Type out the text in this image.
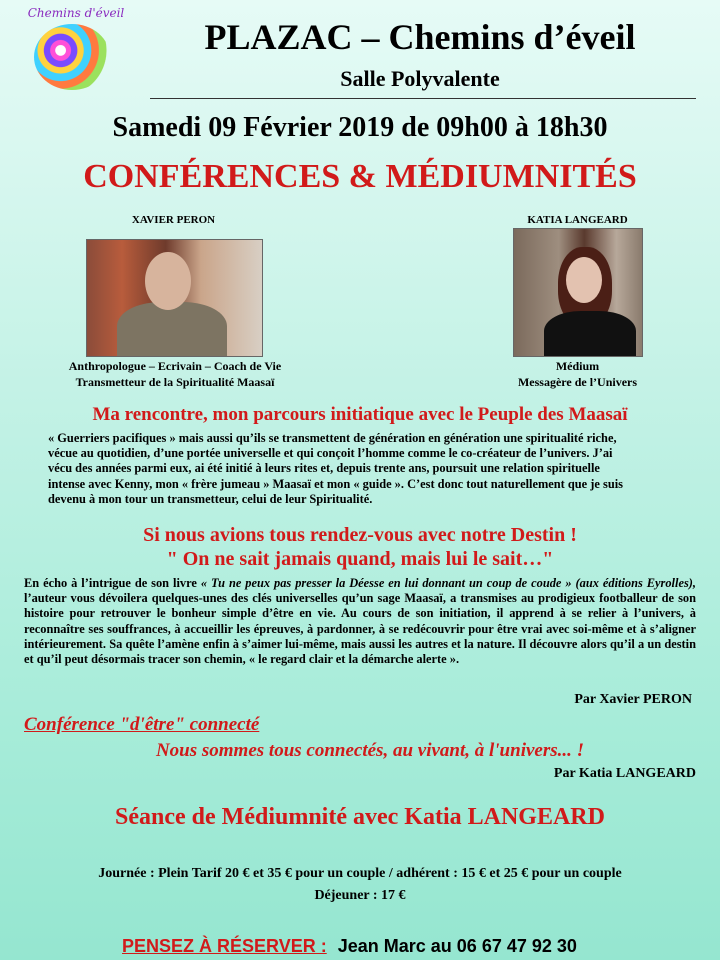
Chemins d'éveil
PLAZAC – Chemins d’éveil
Salle Polyvalente
Samedi 09 Février 2019 de 09h00 à 18h30
CONFÉRENCES & MÉDIUMNITÉS
XAVIER PERON
Anthropologue – Ecrivain – Coach de Vie
Transmetteur de la Spiritualité Maasaï
KATIA LANGEARD
Médium
Messagère de l’Univers
Ma rencontre, mon parcours initiatique avec le Peuple des Maasaï

« Guerriers pacifiques » mais aussi qu’ils se transmettent de génération en génération une spiritualité riche,

vécue au quotidien, d’une portée universelle et qui conçoit l’homme comme le co-créateur de l’univers. J’ai

vécu des années parmi eux, ai été initié à leurs rites et, depuis trente ans, poursuit une relation spirituelle

intense avec Kenny, mon « frère jumeau » Maasaï et mon « guide ». C’est donc tout naturellement que je suis

devenu à mon tour un transmetteur, celui de leur Spiritualité.

Si nous avions tous rendez-vous avec notre Destin !
" On ne sait jamais quand, mais lui le sait…"
En écho à l’intrigue de son livre « Tu ne peux pas presser la Déesse en lui donnant un coup de coude » (aux éditions Eyrolles), l’auteur vous dévoilera quelques-unes des clés universelles qu’un sage Maasaï, a transmises au prodigieux footballeur de son histoire pour retrouver le bonheur simple d’être en vie. Au cours de son initiation, il apprend à se relier à l’univers, à reconnaître ses souffrances, à accueillir les épreuves, à pardonner, à se redécouvrir pour être vrai avec soi-même et à s’aligner intérieurement. Sa quête l’amène enfin à s’aimer lui-même, mais aussi les autres et la nature. Il découvre alors qu’il a un destin et qu’il peut désormais tracer son chemin, « le regard clair et la démarche alerte ».
Par Xavier PERON
Conférence "d'être" connecté
Nous sommes tous connectés, au vivant, à l'univers... !
Par Katia LANGEARD
Séance de Médiumnité avec Katia LANGEARD
Journée : Plein Tarif 20 € et 35 € pour un couple / adhérent : 15 € et 25 € pour un couple
Déjeuner : 17 €
PENSEZ À RÉSERVER : Jean Marc au 06 67 47 92 30
